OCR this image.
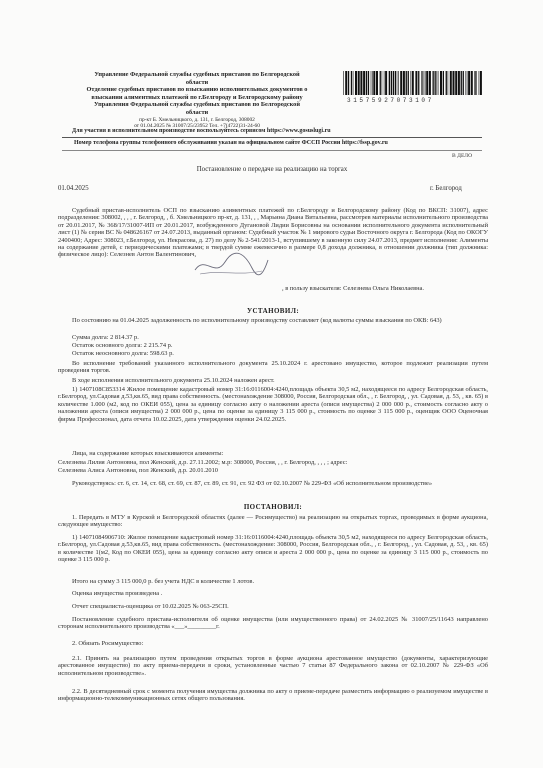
Управление Федеральной службы судебных приставов по Белгородской
области
Отделение судебных приставов по взысканию исполнительных документов о
взыскании алиментных платежей по г.Белгороду и Белгородскому району
Управления Федеральной службы судебных приставов по Белгородской
области
пр-кт Б. Хмельницкого, д. 131, г. Белгород, 308002
от 01.04.2025 № 31007/25/23952 Тел. +7(4722)31-24-60
31575927073107
Для участия в исполнительном производстве воспользуйтесь сервисом https://www.gosuslugi.ru
Номер телефона группы телефонного обслуживания указан на официальном сайте ФССП России https://fssp.gov.ru
В ДЕЛО
Постановление о передаче на реализацию на торгах
01.04.2025	г. Белгород
Судебный пристав-исполнитель ОСП по взысканию алиментных платежей по г.Белгороду и Белгородскому району (Код по ВКСП: 31007), адрес подразделения: 308002, , , , г. Белгород, , б. Хмельницкого пр-кт, д. 131, , , Марьина Диана Витальевна, рассмотрев материалы исполнительного производства от 20.01.2017, № 368/17/31007-ИП от 20.01.2017, возбужденного Дугановой Лидии Борисовны на основании исполнительного документа исполнительный лист (1) № серия ВС № 048626167 от 24.07.2013, выданный органом: Судебный участок № 1 мирового судьи Восточного округа г. Белгорода (Код по ОКОГУ 2400400; Адрес: 308023, г.Белгород, ул. Некрасова, д. 27) по делу № 2-541/2013-1, вступившему в законную силу 24.07.2013, предмет исполнения: Алименты на содержание детей, с периодическими платежами; в твердой сумме ежемесячно в размере 0,8 дохода должника, в отношении должника (тип должника: физическое лицо): Селезнев Антон Валентинович,
, в пользу взыскателя: Селезнева Ольга Николаевна.
УСТАНОВИЛ:
По состоянию на 01.04.2025 задолженность по исполнительному производству составляет (код валюты суммы взыскания по ОКВ: 643)
Сумма долга: 2 814.37 р.
Остаток основного долга: 2 215.74 р.
Остаток неосновного долга: 598.63 р.
Во исполнение требований указанного исполнительного документа 25.10.2024 г. арестовано имущество, которое подлежит реализации путем проведения торгов.
В ходе исполнения исполнительного документа 25.10.2024 наложен арест.
1) 1407108С853314 Жилое помещение кадастровый номер 31:16:0116004:4240,площадь объекта 30,5 м2, находящееся по адресу Белгородская область, г.Белгород, ул.Садовая д.53,кв.65, вид права собственность. (местонахождение 308000, Россия, Белгородская обл., , г. Белгород, , ул. Садовая, д. 53, , кв. 65) в количестве 1.000 (м2, код по ОКЕИ 055), цена за единицу согласно акту о наложении ареста (описи имущества) 2 000 000 р., стоимость согласно акту о наложении ареста (описи имущества) 2 000 000 р., цена по оценке за единицу 3 115 000 р., стоимость по оценке 3 115 000 р., оценщик ООО Оценочная фирма Профессионал, дата отчета 10.02.2025, дата утверждения оценки 24.02.2025.
Лица, на содержание которых взыскиваются алименты:
Селезнева Лилия Антоновна, пол Женский, д.р. 27.11.2002; м.р: 308000, Россия, , , г. Белгород, , , , ; адрес:
Селезнева Алиса Антоновна, пол Женский, д.р. 20.01.2010
Руководствуясь: ст. 6, ст. 14, ст. 68, ст. 69, ст. 87, ст. 89, ст. 91, ст. 92 ФЗ от 02.10.2007 № 229-ФЗ «Об исполнительном производстве»
ПОСТАНОВИЛ:
1. Передать в МТУ в Курской и Белгородской областях (далее — Росимущество) на реализацию на открытых торгах, проводимых в форме аукциона, следующее имущество:
1) 14071084906710: Жилое помещение кадастровый номер 31:16:0116004:4240,площадь объекта 30,5 м2, находящееся по адресу Белгородская область, г.Белгород, ул.Садовая д.53,кв.65, вид права собственность. (местонахождение: 308000, Россия, Белгородская обл., , г. Белгород, , ул. Садовая, д. 53, , кв. 65) в количестве 1(м2, Код по ОКЕИ 055), цена за единицу согласно акту описи и ареста 2 000 000 р., цена по оценке за единицу 3 115 000 р., стоимость по оценке 3 115 000 р.
Итого на сумму 3 115 000,0 р. без учета НДС в количестве 1 лотов.
Оценка имущества произведена .
Отчет специалиста-оценщика от 10.02.2025 № 063-25СП.
Постановление судебного пристава-исполнителя об оценке имущества (или имущественного права) от 24.02.2025 № 31007/25/11643 направлено сторонам исполнительного производства «___»_________г.
2. Обязать Росимущество:
2.1. Принять на реализацию путем проведения открытых торгов в форме аукциона арестованное имущество (документы, характеризующие арестованное имущество) по акту приема-передачи в сроки, установленные частью 7 статьи 87 Федерального закона от 02.10.2007 № 229-ФЗ «Об исполнительном производстве».
2.2. В десятидневный срок с момента получения имущества должника по акту о приеме-передаче разместить информацию о реализуемом имуществе в информационно-телекоммуникационных сетях общего пользования.
